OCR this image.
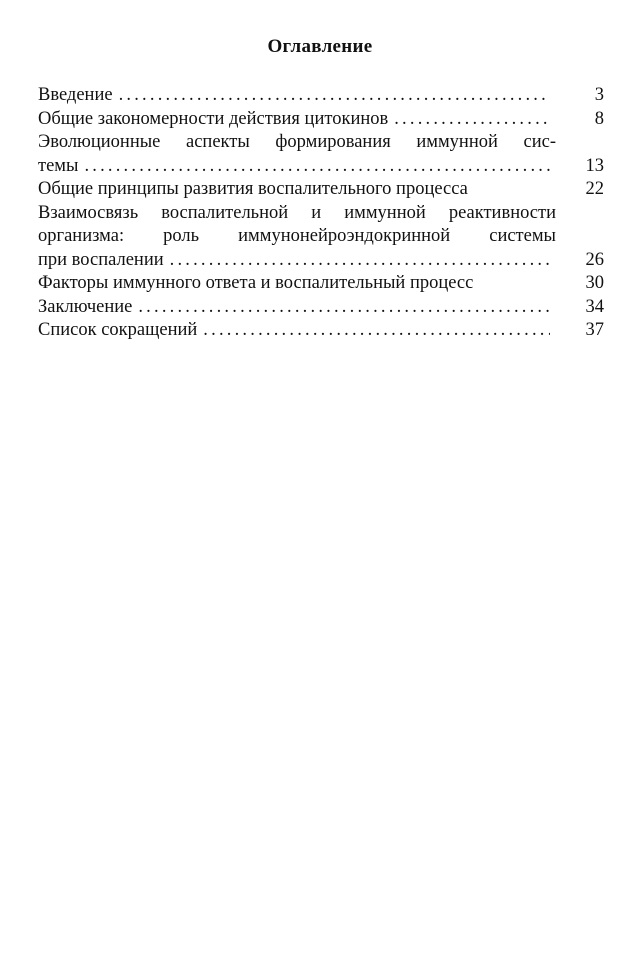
Оглавление
Введение .....	3
Общие закономерности действия цитокинов .....	8
Эволюционные аспекты формирования иммунной сис-
темы .....	13
Общие принципы развития воспалительного процесса	22
Взаимосвязь воспалительной и иммунной реактивности
организма: роль иммунонейроэндокринной системы
при воспалении .....	26
Факторы иммунного ответа и воспалительный процесс	30
Заключение .....	34
Список сокращений .....	37
